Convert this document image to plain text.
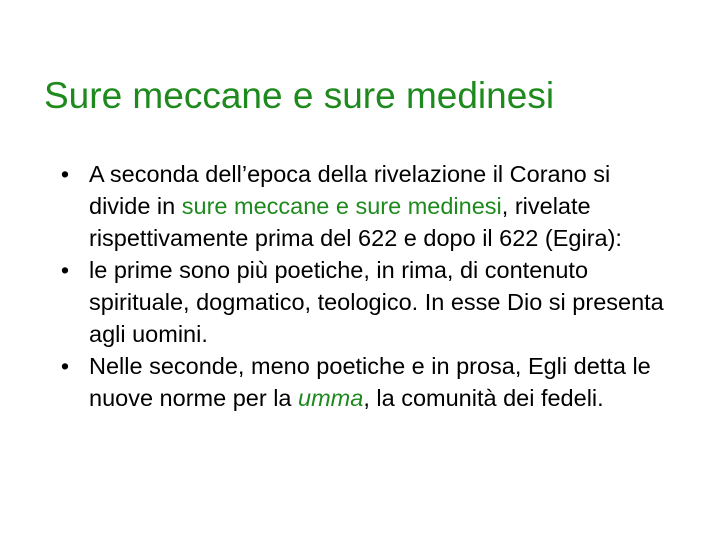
Sure meccane e sure medinesi
• A seconda dell’epoca della rivelazione il Corano si divide in sure meccane e sure medinesi, rivelate rispettivamente prima del 622 e dopo il 622 (Egira):
• le prime sono più poetiche, in rima, di contenuto spirituale, dogmatico, teologico. In esse Dio si presenta agli uomini.
• Nelle seconde, meno poetiche e in prosa, Egli detta le nuove norme per la umma, la comunità dei fedeli.
